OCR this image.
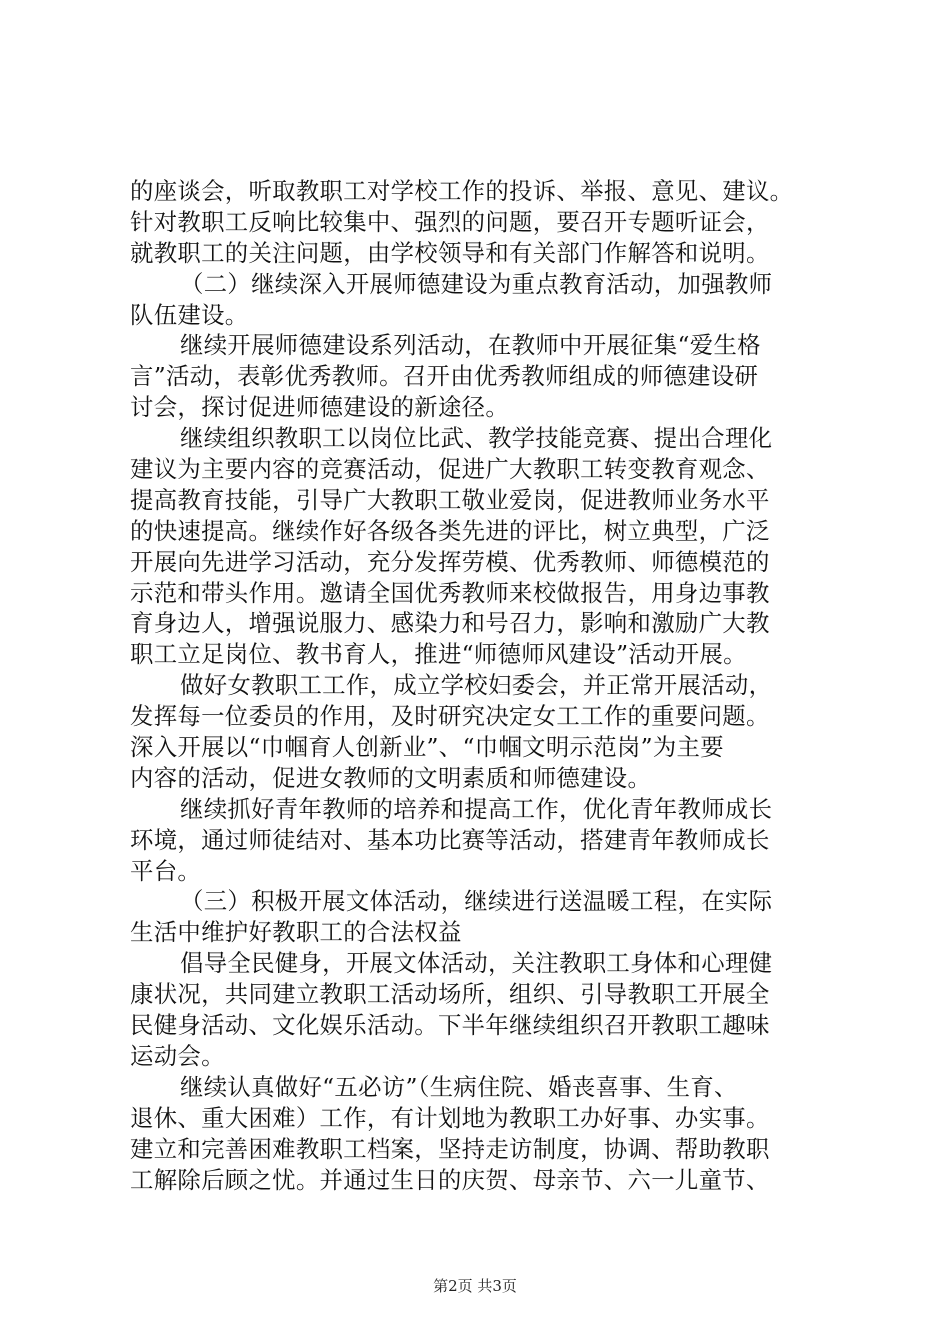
的座谈会，听取教职工对学校工作的投诉、举报、意见、建议。
针对教职工反响比较集中、强烈的问题，要召开专题听证会，
就教职工的关注问题，由学校领导和有关部门作解答和说明。
（二）继续深入开展师德建设为重点教育活动，加强教师
队伍建设。
继续开展师德建设系列活动，在教师中开展征集“爱生格
言”活动，表彰优秀教师。召开由优秀教师组成的师德建设研
讨会，探讨促进师德建设的新途径。
继续组织教职工以岗位比武、教学技能竞赛、提出合理化
建议为主要内容的竞赛活动，促进广大教职工转变教育观念、
提高教育技能，引导广大教职工敬业爱岗，促进教师业务水平
的快速提高。继续作好各级各类先进的评比，树立典型，广泛
开展向先进学习活动，充分发挥劳模、优秀教师、师德模范的
示范和带头作用。邀请全国优秀教师来校做报告，用身边事教
育身边人，增强说服力、感染力和号召力，影响和激励广大教
职工立足岗位、教书育人，推进“师德师风建设”活动开展。
做好女教职工工作，成立学校妇委会，并正常开展活动，
发挥每一位委员的作用，及时研究决定女工工作的重要问题。
深入开展以“巾帼育人创新业”、“巾帼文明示范岗”为主要
内容的活动，促进女教师的文明素质和师德建设。
继续抓好青年教师的培养和提高工作，优化青年教师成长
环境，通过师徒结对、基本功比赛等活动，搭建青年教师成长
平台。
（三）积极开展文体活动，继续进行送温暖工程，在实际
生活中维护好教职工的合法权益
倡导全民健身，开展文体活动，关注教职工身体和心理健
康状况，共同建立教职工活动场所，组织、引导教职工开展全
民健身活动、文化娱乐活动。下半年继续组织召开教职工趣味
运动会。
继续认真做好“五必访”（生病住院、婚丧喜事、生育、
退休、重大困难）工作，有计划地为教职工办好事、办实事。
建立和完善困难教职工档案，坚持走访制度，协调、帮助教职
工解除后顾之忧。并通过生日的庆贺、母亲节、六一儿童节、
第2页 共3页
